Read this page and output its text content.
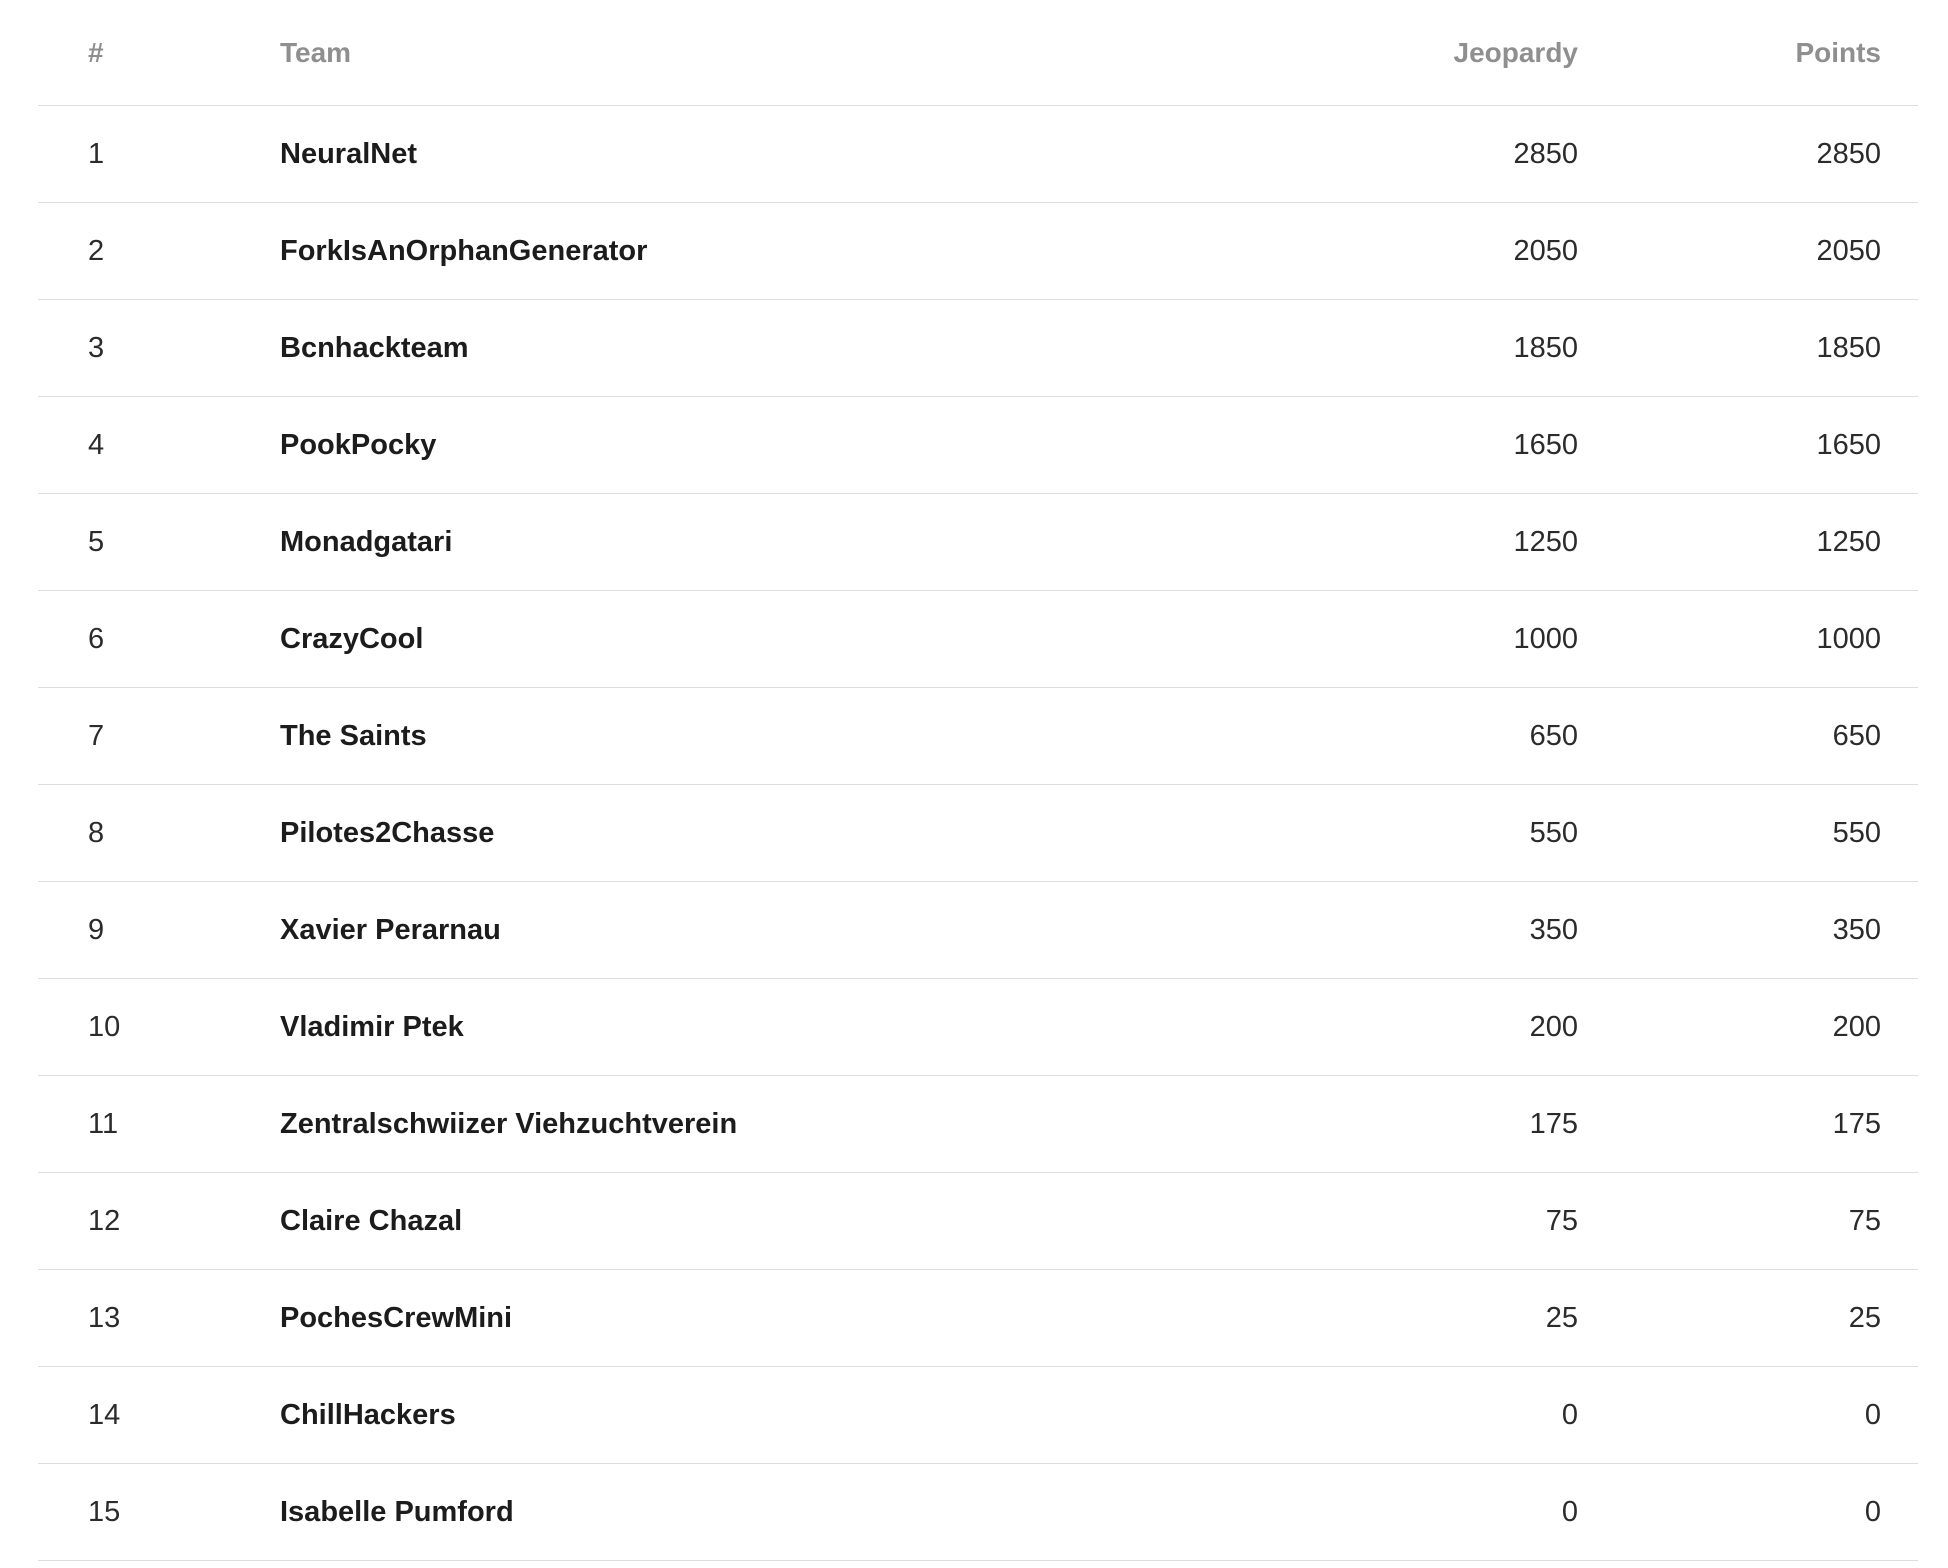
#	Team	Jeopardy	Points
1	NeuralNet	2850	2850
2	ForkIsAnOrphanGenerator	2050	2050
3	Bcnhackteam	1850	1850
4	PookPocky	1650	1650
5	Monadgatari	1250	1250
6	CrazyCool	1000	1000
7	The Saints	650	650
8	Pilotes2Chasse	550	550
9	Xavier Perarnau	350	350
10	Vladimir Ptek	200	200
11	Zentralschwiizer Viehzuchtverein	175	175
12	Claire Chazal	75	75
13	PochesCrewMini	25	25
14	ChillHackers	0	0
15	Isabelle Pumford	0	0
